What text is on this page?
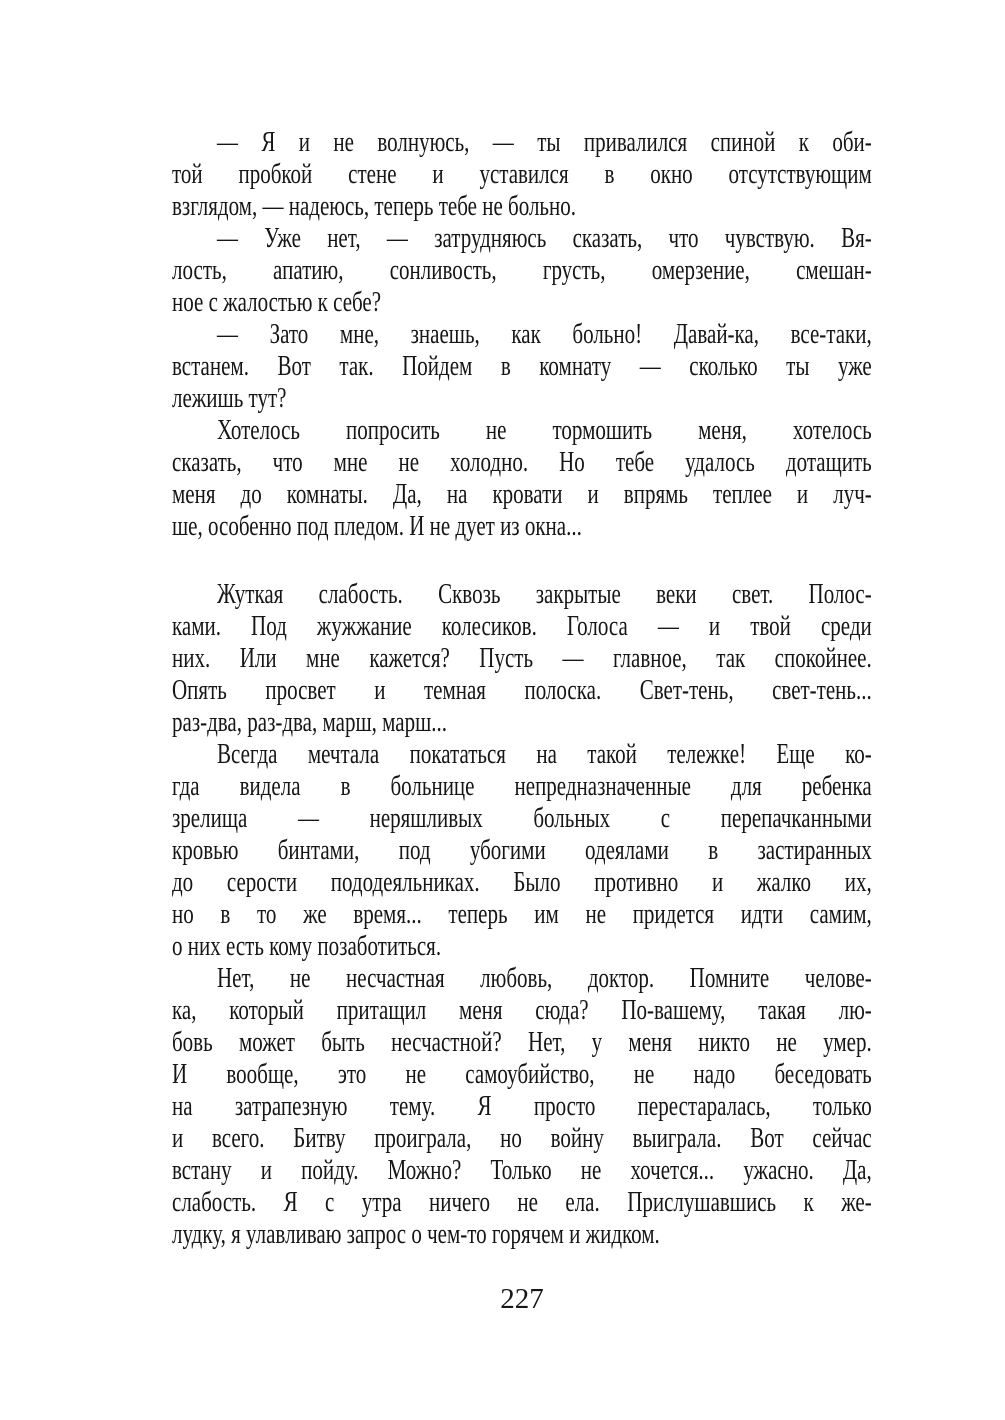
— Я и не волнуюсь, — ты привалился спиной к оби-
той пробкой стене и уставился в окно отсутствующим
взглядом, — надеюсь, теперь тебе не больно.
— Уже нет, — затрудняюсь сказать, что чувствую. Вя-
лость, апатию, сонливость, грусть, омерзение, смешан-
ное с жалостью к себе?
— Зато мне, знаешь, как больно! Давай-ка, все-таки,
встанем. Вот так. Пойдем в комнату — сколько ты уже
лежишь тут?
Хотелось попросить не тормошить меня, хотелось
сказать, что мне не холодно. Но тебе удалось дотащить
меня до комнаты. Да, на кровати и впрямь теплее и луч-
ше, особенно под пледом. И не дует из окна...
Жуткая слабость. Сквозь закрытые веки свет. Полос-
ками. Под жужжание колесиков. Голоса — и твой среди
них. Или мне кажется? Пусть — главное, так спокойнее.
Опять просвет и темная полоска. Свет-тень, свет-тень...
раз-два, раз-два, марш, марш...
Всегда мечтала покататься на такой тележке! Еще ко-
гда видела в больнице непредназначенные для ребенка
зрелища — неряшливых больных с перепачканными
кровью бинтами, под убогими одеялами в застиранных
до серости пододеяльниках. Было противно и жалко их,
но в то же время... теперь им не придется идти самим,
о них есть кому позаботиться.
Нет, не несчастная любовь, доктор. Помните челове-
ка, который притащил меня сюда? По-вашему, такая лю-
бовь может быть несчастной? Нет, у меня никто не умер.
И вообще, это не самоубийство, не надо беседовать
на затрапезную тему. Я просто перестаралась, только
и всего. Битву проиграла, но войну выиграла. Вот сейчас
встану и пойду. Можно? Только не хочется... ужасно. Да,
слабость. Я с утра ничего не ела. Прислушавшись к же-
лудку, я улавливаю запрос о чем-то горячем и жидком.
227
